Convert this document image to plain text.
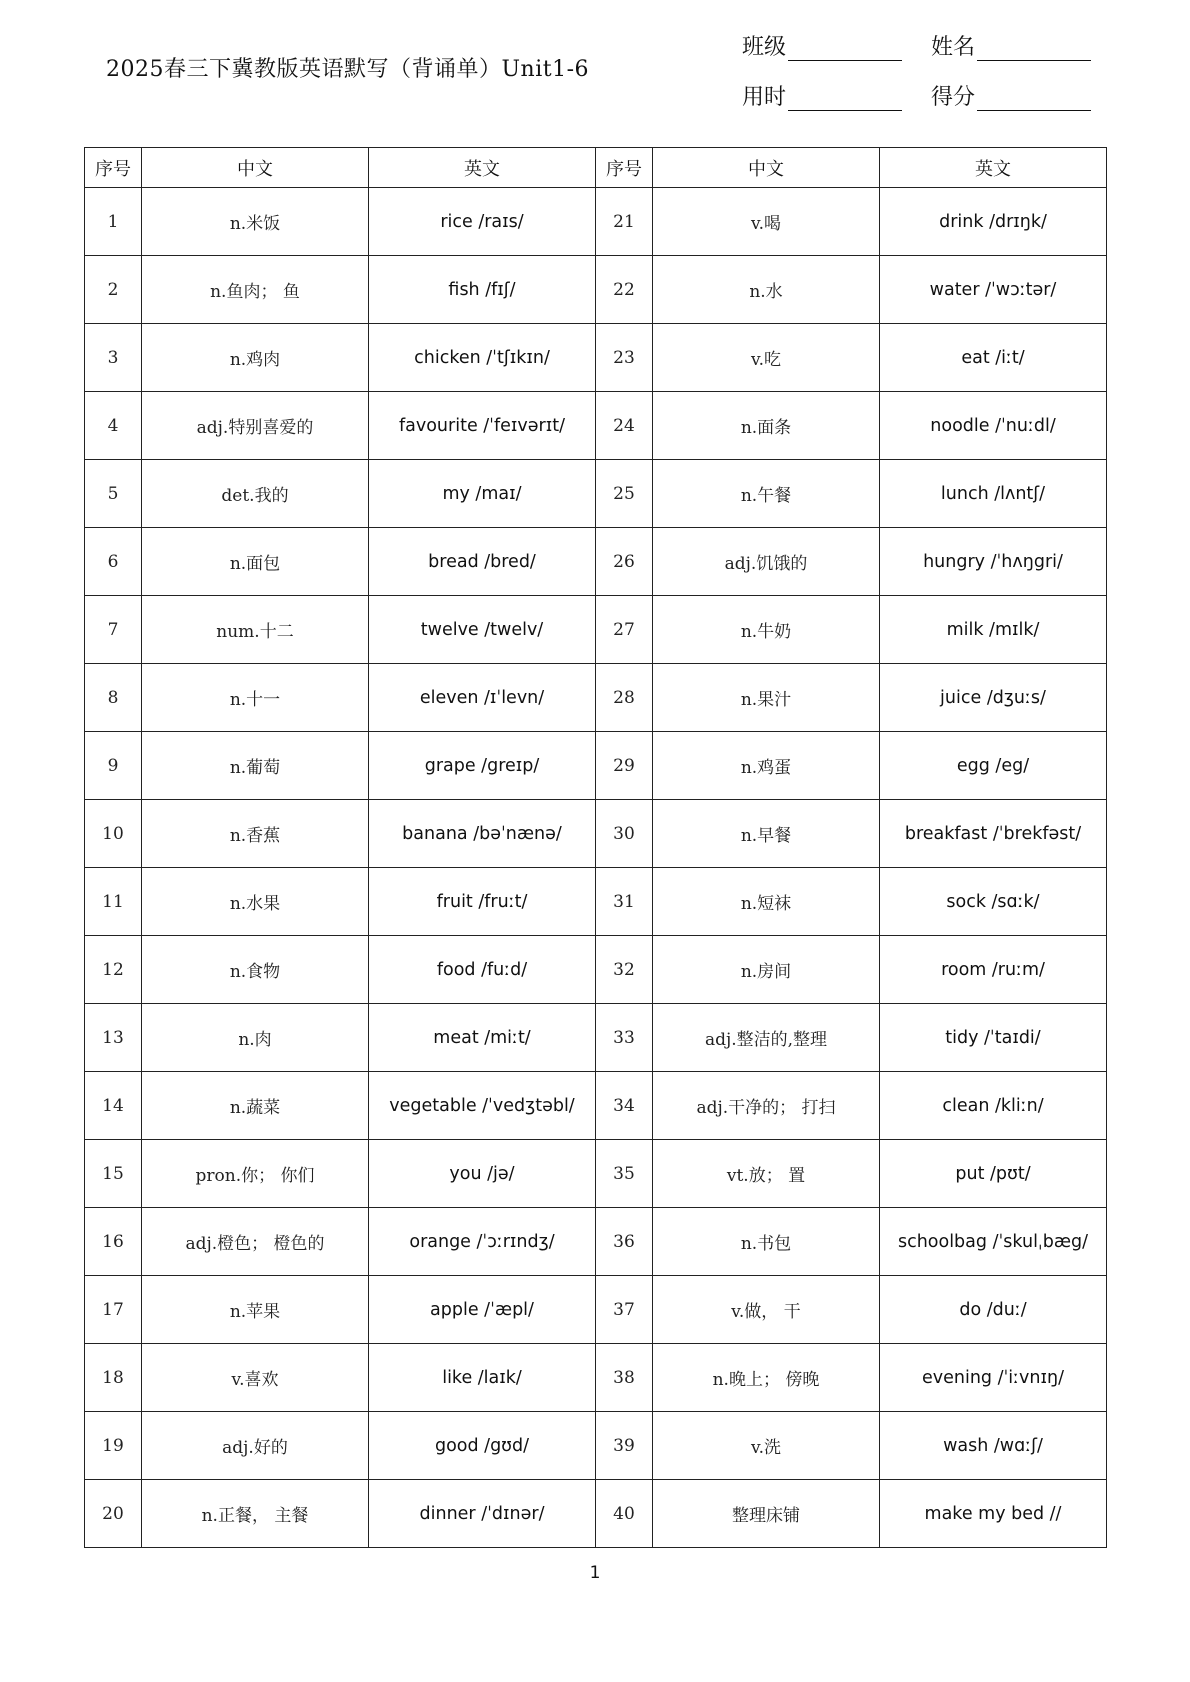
2025春三下冀教版英语默写（背诵单）Unit1-6
班级	姓名
用时	得分
序号	中文	英文	序号	中文	英文
1	n.米饭	rice /raɪs/	21	v.喝	drink /drɪŋk/
2	n.鱼肉； 鱼	fish /fɪʃ/	22	n.水	water /ˈwɔːtər/
3	n.鸡肉	chicken /ˈtʃɪkɪn/	23	v.吃	eat /iːt/
4	adj.特别喜爱的	favourite /ˈfeɪvərɪt/	24	n.面条	noodle /ˈnuːdl/
5	det.我的	my /maɪ/	25	n.午餐	lunch /lʌntʃ/
6	n.面包	bread /bred/	26	adj.饥饿的	hungry /ˈhʌŋgri/
7	num.十二	twelve /twelv/	27	n.牛奶	milk /mɪlk/
8	n.十一	eleven /ɪˈlevn/	28	n.果汁	juice /dʒuːs/
9	n.葡萄	grape /greɪp/	29	n.鸡蛋	egg /eg/
10	n.香蕉	banana /bəˈnænə/	30	n.早餐	breakfast /ˈbrekfəst/
11	n.水果	fruit /fruːt/	31	n.短袜	sock /sɑːk/
12	n.食物	food /fuːd/	32	n.房间	room /ruːm/
13	n.肉	meat /miːt/	33	adj.整洁的,整理	tidy /ˈtaɪdi/
14	n.蔬菜	vegetable /ˈvedʒtəbl/	34	adj.干净的； 打扫	clean /kliːn/
15	pron.你； 你们	you /jə/	35	vt.放； 置	put /pʊt/
16	adj.橙色； 橙色的	orange /ˈɔːrɪndʒ/	36	n.书包	schoolbag /ˈskulˌbæg/
17	n.苹果	apple /ˈæpl/	37	v.做， 干	do /duː/
18	v.喜欢	like /laɪk/	38	n.晚上； 傍晚	evening /ˈiːvnɪŋ/
19	adj.好的	good /gʊd/	39	v.洗	wash /wɑːʃ/
20	n.正餐， 主餐	dinner /ˈdɪnər/	40	整理床铺	make my bed //
1
